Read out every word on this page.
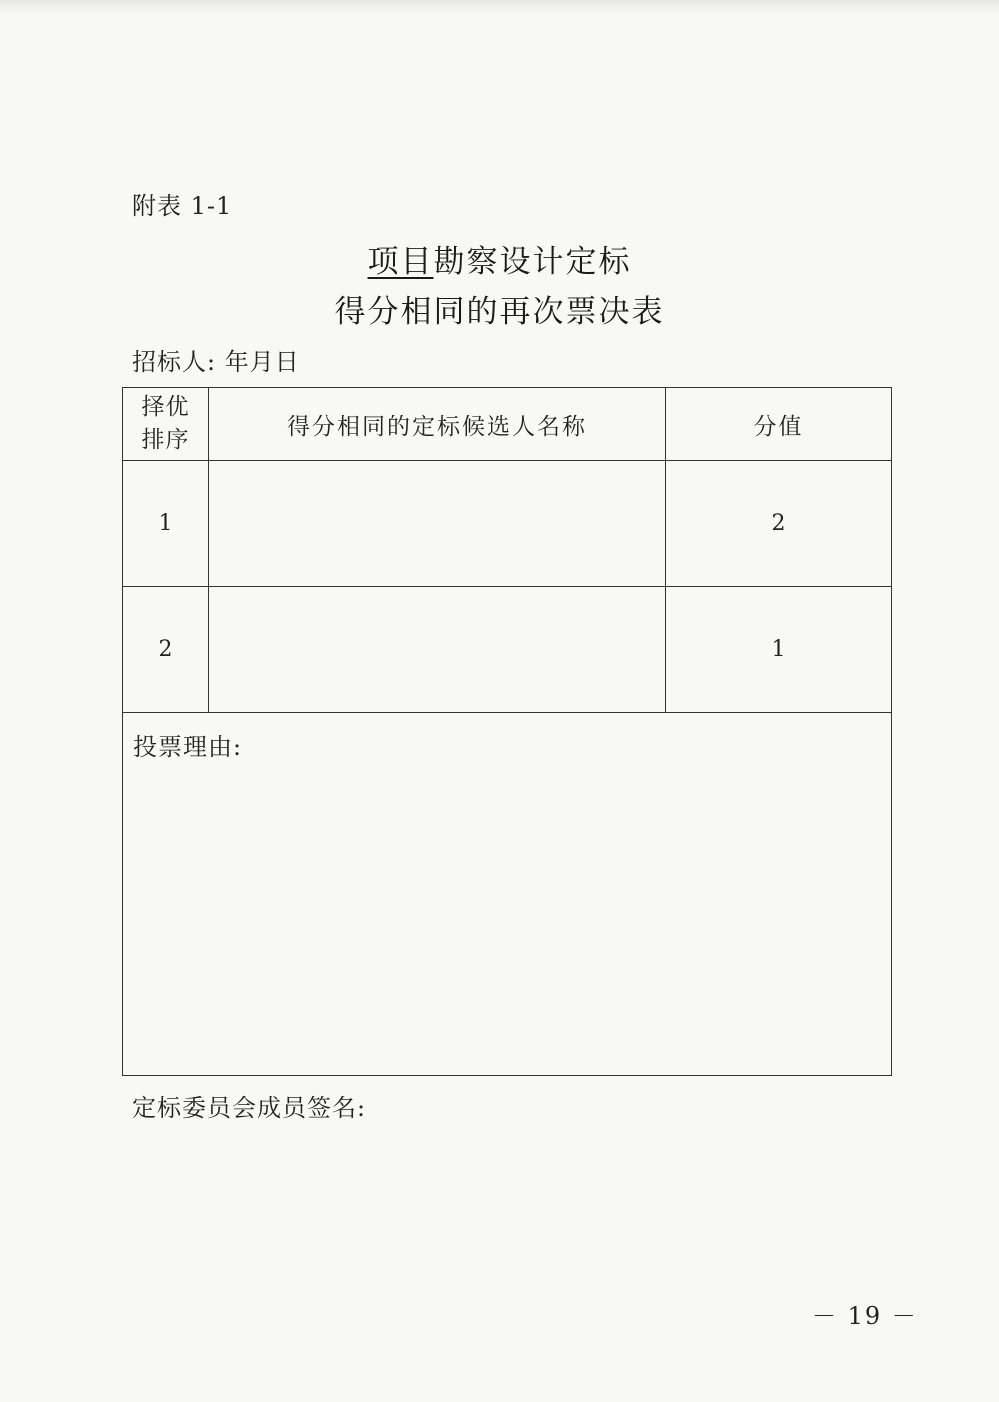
附表 1-1
项目勘察设计定标
得分相同的再次票决表
招标人: 年月日
择优
排序	得分相同的定标候选人名称	分值
1		2
2		1

投票理由:		
定标委员会成员签名:
－ 19 －
